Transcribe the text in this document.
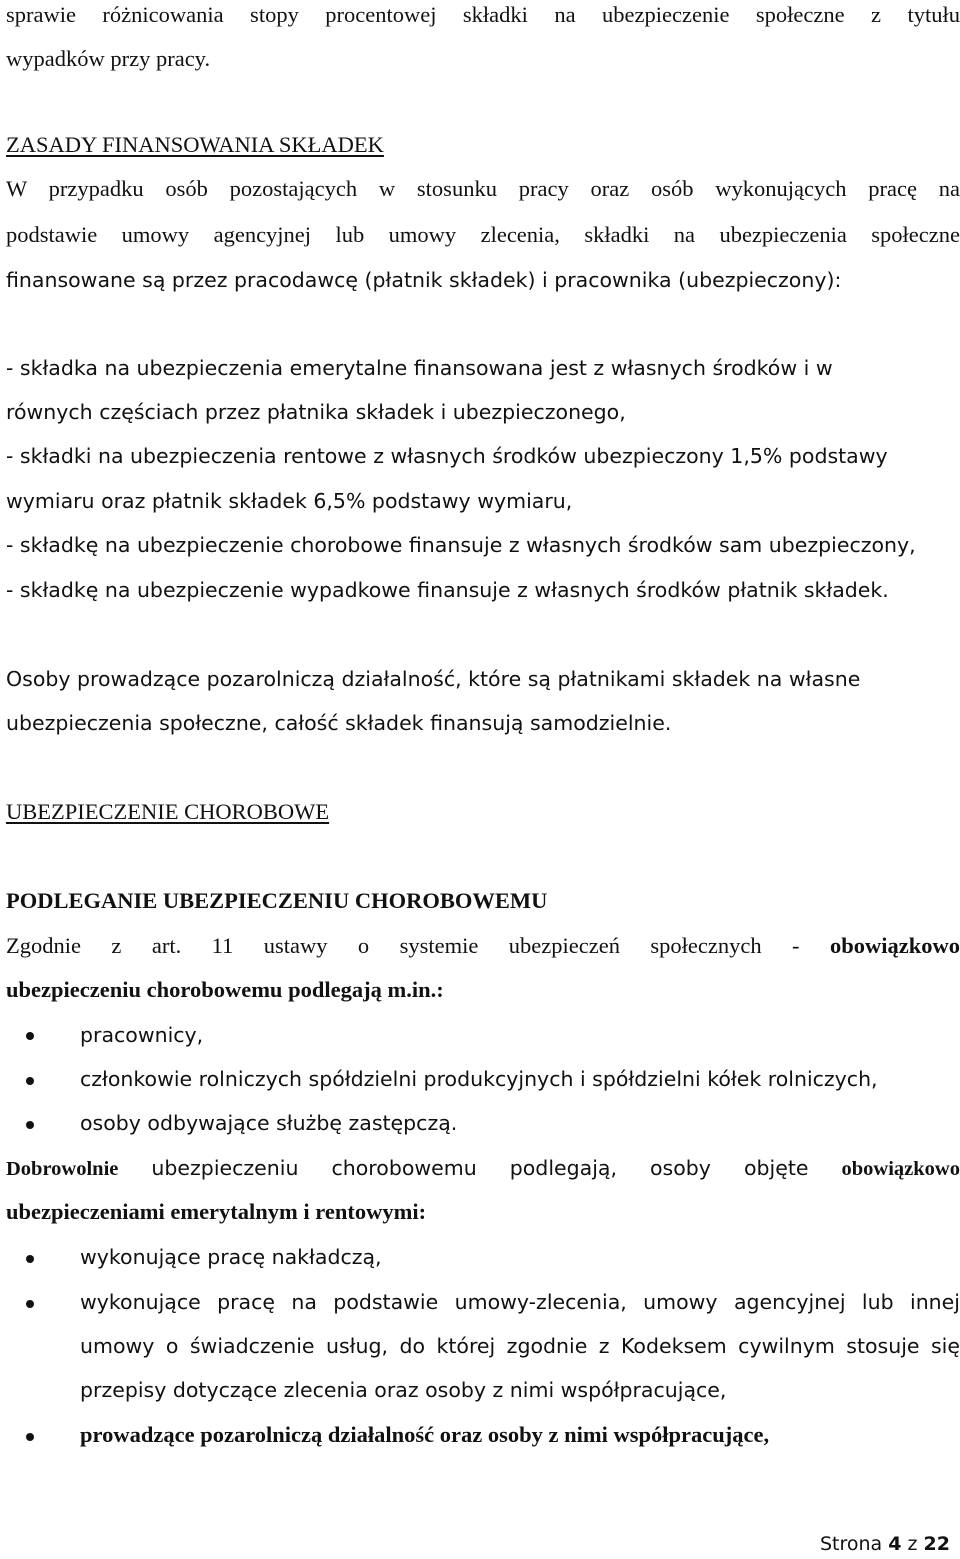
sprawie różnicowania stopy procentowej składki na ubezpieczenie społeczne z tytułu
wypadków przy pracy.
ZASADY FINANSOWANIA SKŁADEK
W przypadku osób pozostających w stosunku pracy oraz osób wykonujących pracę na
podstawie umowy agencyjnej lub umowy zlecenia, składki na ubezpieczenia społeczne
finansowane są przez pracodawcę (płatnik składek) i pracownika (ubezpieczony):
- składka na ubezpieczenia emerytalne finansowana jest z własnych środków i w
równych częściach przez płatnika składek i ubezpieczonego,
- składki na ubezpieczenia rentowe z własnych środków ubezpieczony 1,5% podstawy
wymiaru oraz płatnik składek 6,5% podstawy wymiaru,
- składkę na ubezpieczenie chorobowe finansuje z własnych środków sam ubezpieczony,
- składkę na ubezpieczenie wypadkowe finansuje z własnych środków płatnik składek.
Osoby prowadzące pozarolniczą działalność, które są płatnikami składek na własne
ubezpieczenia społeczne, całość składek finansują samodzielnie.
UBEZPIECZENIE CHOROBOWE
PODLEGANIE UBEZPIECZENIU CHOROBOWEMU
Zgodnie z art. 11 ustawy o systemie ubezpieczeń społecznych - obowiązkowo
ubezpieczeniu chorobowemu podlegają m.in.:
pracownicy,
członkowie rolniczych spółdzielni produkcyjnych i spółdzielni kółek rolniczych,
osoby odbywające służbę zastępczą.
Dobrowolnie ubezpieczeniu chorobowemu podlegają, osoby objęte obowiązkowo
ubezpieczeniami emerytalnym i rentowymi:
wykonujące pracę nakładczą,
wykonujące pracę na podstawie umowy-zlecenia, umowy agencyjnej lub innej
umowy o świadczenie usług, do której zgodnie z Kodeksem cywilnym stosuje się
przepisy dotyczące zlecenia oraz osoby z nimi współpracujące,
prowadzące pozarolniczą działalność oraz osoby z nimi współpracujące,
Strona 4 z 22
